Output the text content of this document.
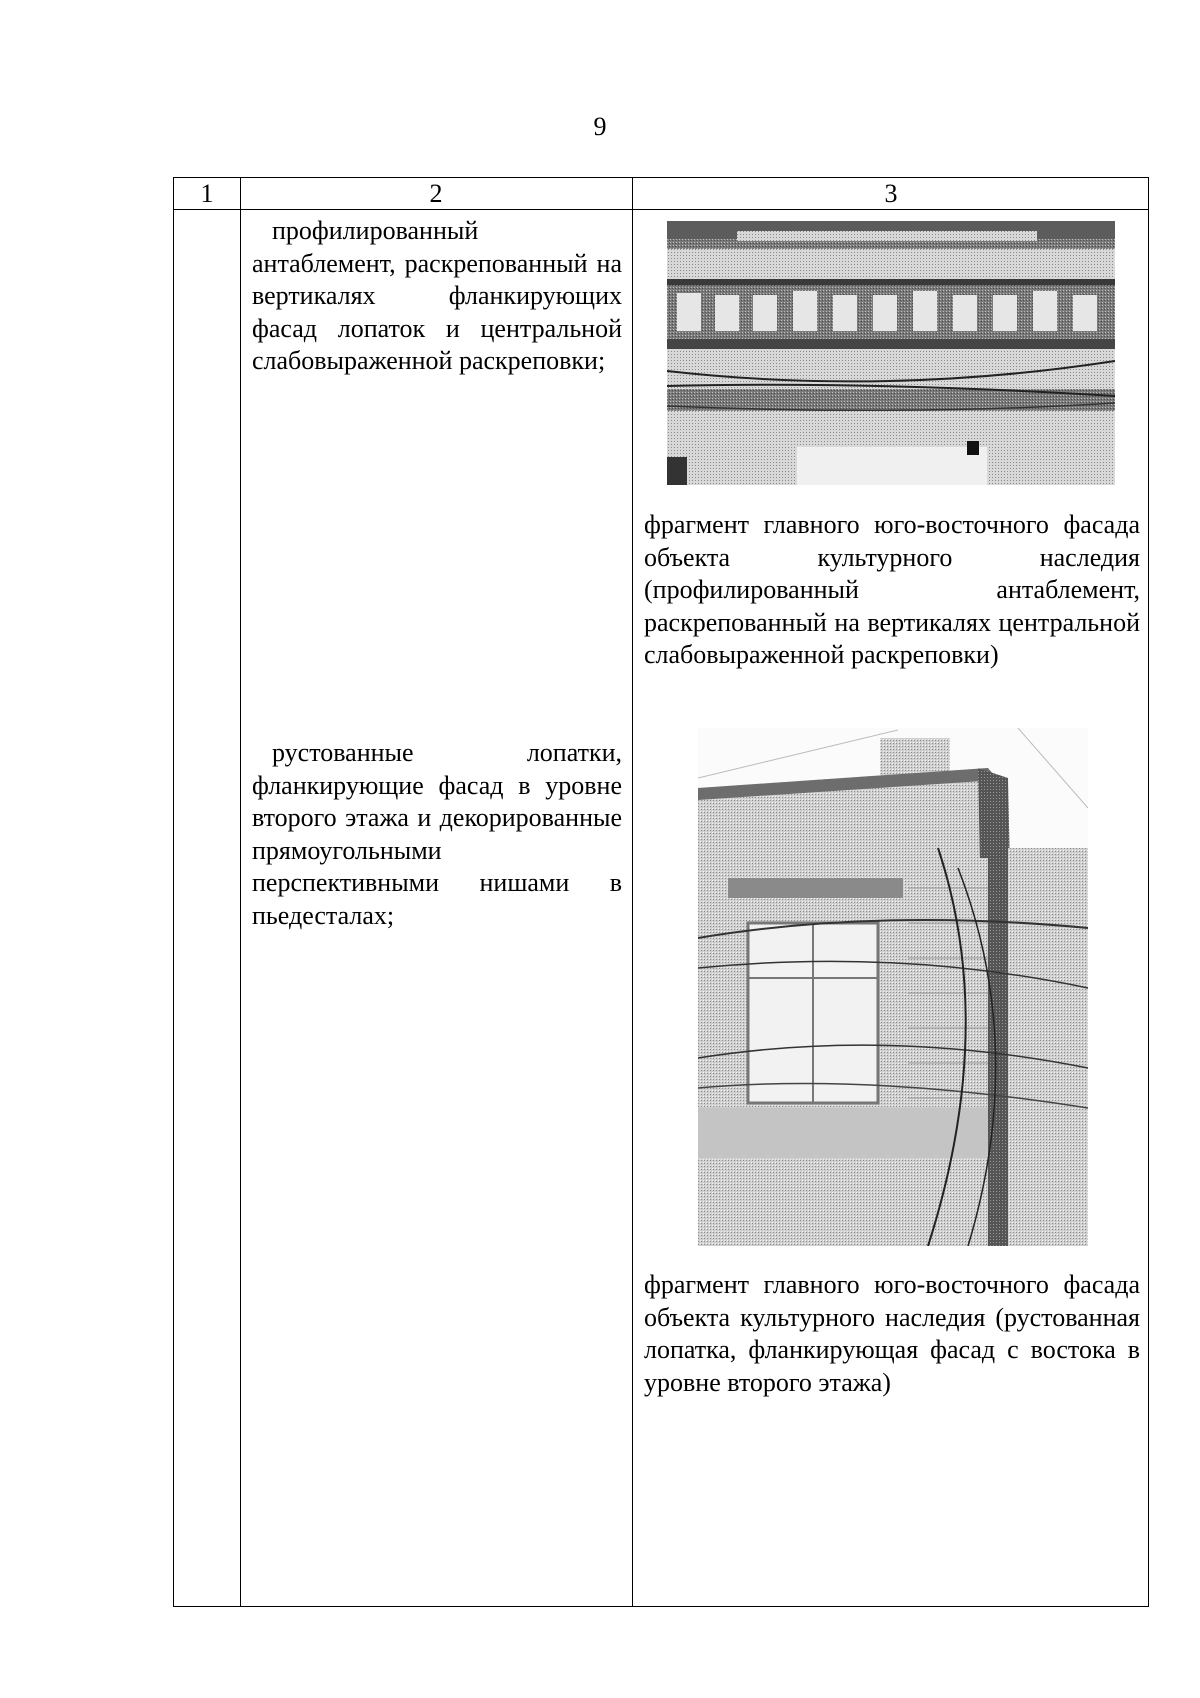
9
1	2	3
профилированный антаблемент, раскрепованный на вертикалях фланкирующих фасад лопаток и центральной слабовыраженной раскреповки;
фрагмент главного юго-восточного фасада объекта культурного наследия (профилированный антаблемент, раскрепованный на вертикалях центральной слабовыраженной раскреповки)
рустованные лопатки, фланкирующие фасад в уровне второго этажа и декорированные прямоугольными перспективными нишами в пьедесталах;
фрагмент главного юго-восточного фасада объекта культурного наследия (рустованная лопатка, фланкирующая фасад с востока в уровне второго этажа)
